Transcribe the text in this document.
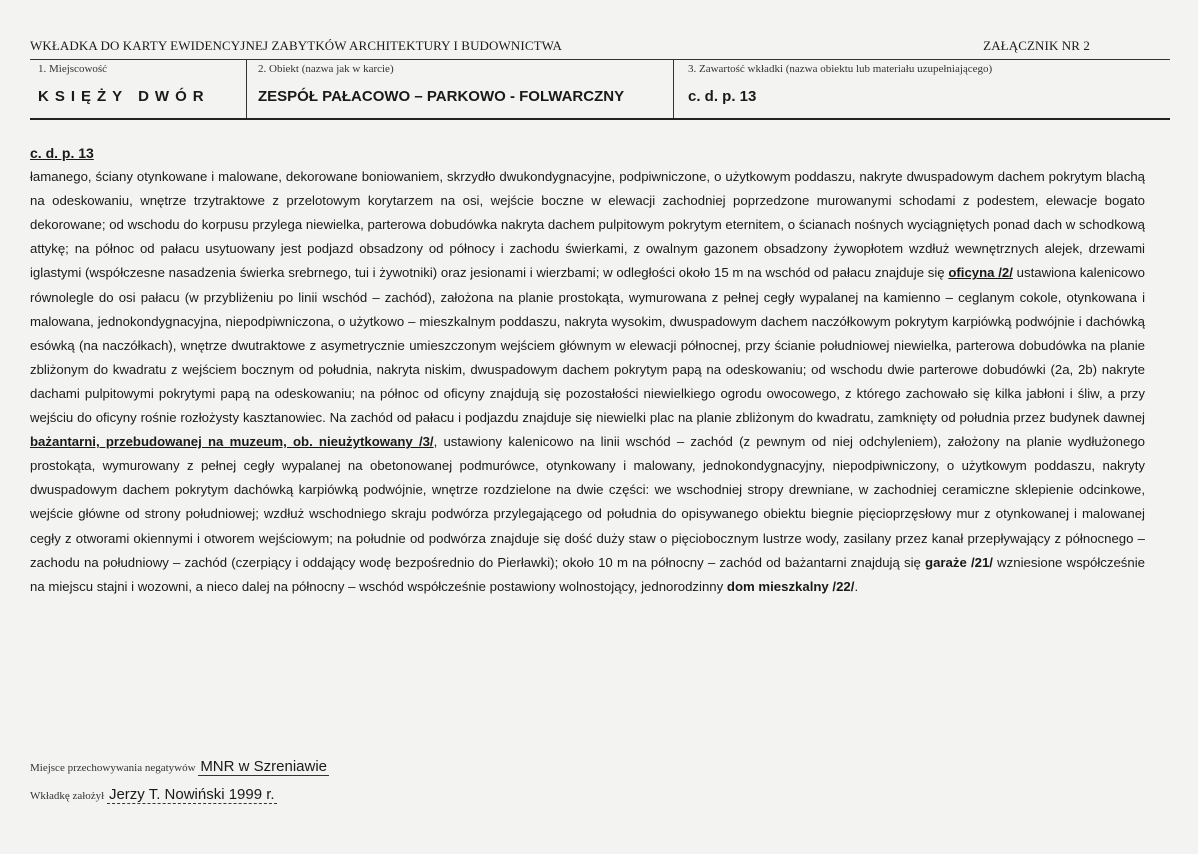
WKŁADKA DO KARTY EWIDENCYJNEJ ZABYTKÓW ARCHITEKTURY I BUDOWNICTWA	ZAŁĄCZNIK NR 2
1. Miejscowość
KSIĘŻY DWÓR
2. Obiekt (nazwa jak w karcie)
ZESPÓŁ PAŁACOWO – PARKOWO - FOLWARCZNY
3. Zawartość wkładki (nazwa obiektu lub materiału uzupełniającego)
c. d. p. 13
c. d. p. 13

łamanego, ściany otynkowane i malowane, dekorowane boniowaniem, skrzydło dwukondygnacyjne, podpiwniczone, o użytkowym poddaszu, nakryte dwuspadowym dachem pokrytym blachą na odeskowaniu, wnętrze trzytraktowe z przelotowym korytarzem na osi, wejście boczne w elewacji zachodniej poprzedzone murowanymi schodami z podestem, elewacje bogato dekorowane; od wschodu do korpusu przylega niewielka, parterowa dobudówka nakryta dachem pulpitowym pokrytym eternitem, o ścianach nośnych wyciągniętych ponad dach w schodkową attykę; na północ od pałacu usytuowany jest podjazd obsadzony od północy i zachodu świerkami, z owalnym gazonem obsadzony żywopłotem wzdłuż wewnętrznych alejek, drzewami iglastymi (współczesne nasadzenia świerka srebrnego, tui i żywotniki) oraz jesionami i wierzbami; w odległości około 15 m na wschód od pałacu znajduje się oficyna /2/ ustawiona kalenicowo równolegle do osi pałacu (w przybliżeniu po linii wschód – zachód), założona na planie prostokąta, wymurowana z pełnej cegły wypalanej na kamienno – ceglanym cokole, otynkowana i malowana, jednokondygnacyjna, niepodpiwniczona, o użytkowo – mieszkalnym poddaszu, nakryta wysokim, dwuspadowym dachem naczółkowym pokrytym karpiówką podwójnie i dachówką esówką (na naczółkach), wnętrze dwutraktowe z asymetrycznie umieszczonym wejściem głównym w elewacji północnej, przy ścianie południowej niewielka, parterowa dobudówka na planie zbliżonym do kwadratu z wejściem bocznym od południa, nakryta niskim, dwuspadowym dachem pokrytym papą na odeskowaniu; od wschodu dwie parterowe dobudówki (2a, 2b) nakryte dachami pulpitowymi pokrytymi papą na odeskowaniu; na północ od oficyny znajdują się pozostałości niewielkiego ogrodu owocowego, z którego zachowało się kilka jabłoni i śliw, a przy wejściu do oficyny rośnie rozłożysty kasztanowiec. Na zachód od pałacu i podjazdu znajduje się niewielki plac na planie zbliżonym do kwadratu, zamknięty od południa przez budynek dawnej bażantarni, przebudowanej na muzeum, ob. nieużytkowany /3/, ustawiony kalenicowo na linii wschód – zachód (z pewnym od niej odchyleniem), założony na planie wydłużonego prostokąta, wymurowany z pełnej cegły wypalanej na obetonowanej podmurówce, otynkowany i malowany, jednokondygnacyjny, niepodpiwniczony, o użytkowym poddaszu, nakryty dwuspadowym dachem pokrytym dachówką karpiówką podwójnie, wnętrze rozdzielone na dwie części: we wschodniej stropy drewniane, w zachodniej ceramiczne sklepienie odcinkowe, wejście główne od strony południowej; wzdłuż wschodniego skraju podwórza przylegającego od południa do opisywanego obiektu biegnie pięcioprzęsłowy mur z otynkowanej i malowanej cegły z otworami okiennymi i otworem wejściowym; na południe od podwórza znajduje się dość duży staw o pięciobocznym lustrze wody, zasilany przez kanał przepływający z północnego – zachodu na południowy – zachód (czerpiący i oddający wodę bezpośrednio do Pierławki); około 10 m na północny – zachód od bażantarni znajdują się garaże /21/ wzniesione współcześnie na miejscu stajni i wozowni, a nieco dalej na północny – wschód współcześnie postawiony wolnostojący, jednorodzinny dom mieszkalny /22/.

Miejsce przechowywania negatywów MNR w Szreniawie
Wkładkę założył Jerzy T. Nowiński 1999 r.
